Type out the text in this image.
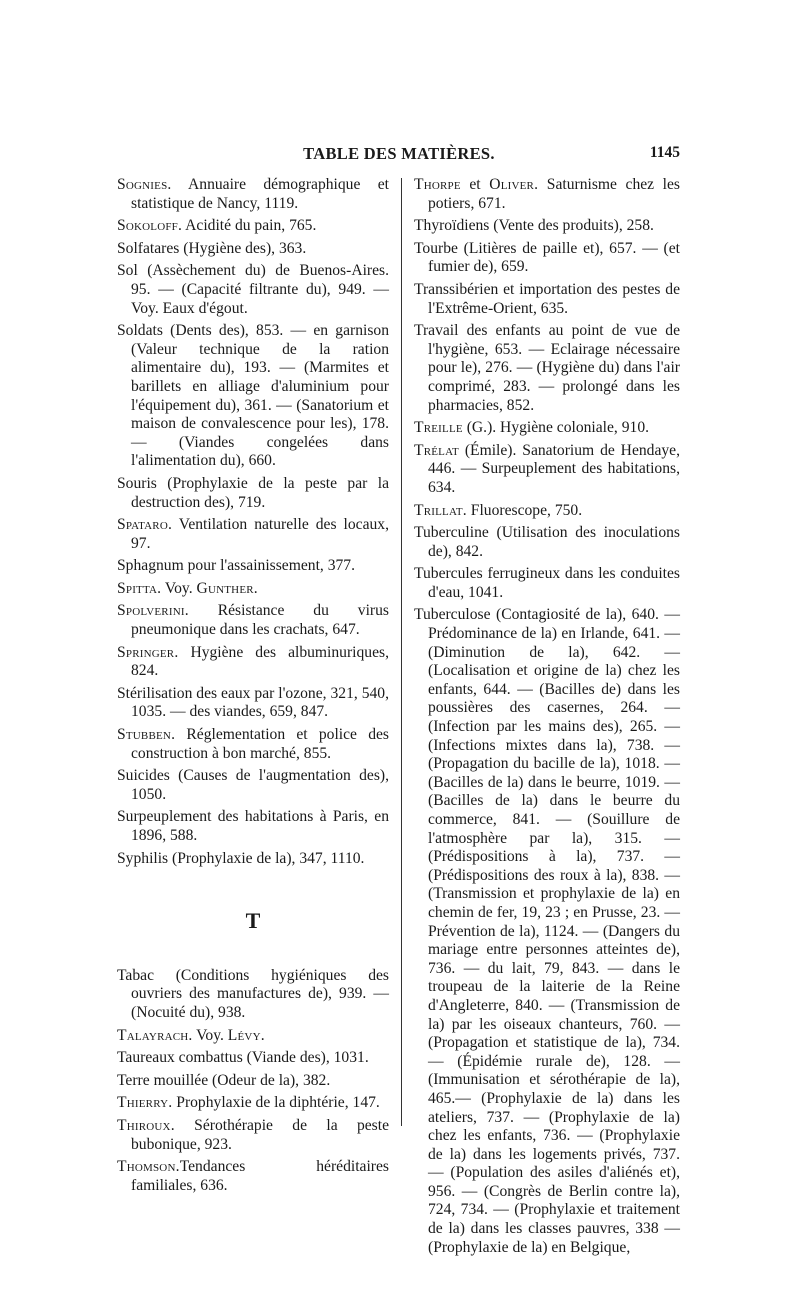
TABLE DES MATIÈRES.	1145
Sognies. Annuaire démographique et statistique de Nancy, 1119.
Sokoloff. Acidité du pain, 765.
Solfatares (Hygiène des), 363.
Sol (Assèchement du) de Buenos-Aires. 95. — (Capacité filtrante du), 949. — Voy. Eaux d'égout.
Soldats (Dents des), 853. — en garnison (Valeur technique de la ration alimentaire du), 193. — (Marmites et barillets en alliage d'aluminium pour l'équipement du), 361. — (Sanatorium et maison de convalescence pour les), 178. — (Viandes congelées dans l'alimentation du), 660.
Souris (Prophylaxie de la peste par la destruction des), 719.
Spataro. Ventilation naturelle des locaux, 97.
Sphagnum pour l'assainissement, 377.
Spitta. Voy. Gunther.
Spolverini. Résistance du virus pneumonique dans les crachats, 647.
Springer. Hygiène des albuminuriques, 824.
Stérilisation des eaux par l'ozone, 321, 540, 1035. — des viandes, 659, 847.
Stubben. Réglementation et police des construction à bon marché, 855.
Suicides (Causes de l'augmentation des), 1050.
Surpeuplement des habitations à Paris, en 1896, 588.
Syphilis (Prophylaxie de la), 347, 1110.
T
Tabac (Conditions hygiéniques des ouvriers des manufactures de), 939. — (Nocuité du), 938.
Talayrach. Voy. Lévy.
Taureaux combattus (Viande des), 1031.
Terre mouillée (Odeur de la), 382.
Thierry. Prophylaxie de la diphtérie, 147.
Thiroux. Sérothérapie de la peste bubonique, 923.
Thomson.Tendances héréditaires familiales, 636.
Thorpe et Oliver. Saturnisme chez les potiers, 671.
Thyroïdiens (Vente des produits), 258.
Tourbe (Litières de paille et), 657. — (et fumier de), 659.
Transsibérien et importation des pestes de l'Extrême-Orient, 635.
Travail des enfants au point de vue de l'hygiène, 653. — Eclairage nécessaire pour le), 276. — (Hygiène du) dans l'air comprimé, 283. — prolongé dans les pharmacies, 852.
Treille (G.). Hygiène coloniale, 910.
Trélat (Émile). Sanatorium de Hendaye, 446. — Surpeuplement des habitations, 634.
Trillat. Fluorescope, 750.
Tuberculine (Utilisation des inoculations de), 842.
Tubercules ferrugineux dans les conduites d'eau, 1041.
Tuberculose (Contagiosité de la), 640. — Prédominance de la) en Irlande, 641. — (Diminution de la), 642. — (Localisation et origine de la) chez les enfants, 644. — (Bacilles de) dans les poussières des casernes, 264. — (Infection par les mains des), 265. — (Infections mixtes dans la), 738. — (Propagation du bacille de la), 1018. — (Bacilles de la) dans le beurre, 1019. — (Bacilles de la) dans le beurre du commerce, 841. — (Souillure de l'atmosphère par la), 315. — (Prédispositions à la), 737. — (Prédispositions des roux à la), 838. —(Transmission et prophylaxie de la) en chemin de fer, 19, 23 ; en Prusse, 23. — Prévention de la), 1124. — (Dangers du mariage entre personnes atteintes de), 736. — du lait, 79, 843. — dans le troupeau de la laiterie de la Reine d'Angleterre, 840. — (Transmission de la) par les oiseaux chanteurs, 760. — (Propagation et statistique de la), 734. — (Épidémie rurale de), 128. — (Immunisation et sérothérapie de la), 465.— (Prophylaxie de la) dans les ateliers, 737. — (Prophylaxie de la) chez les enfants, 736. — (Prophylaxie de la) dans les logements privés, 737. — (Population des asiles d'aliénés et), 956. — (Congrès de Berlin contre la), 724, 734. — (Prophylaxie et traitement de la) dans les classes pauvres, 338 — (Prophylaxie de la) en Belgique,
